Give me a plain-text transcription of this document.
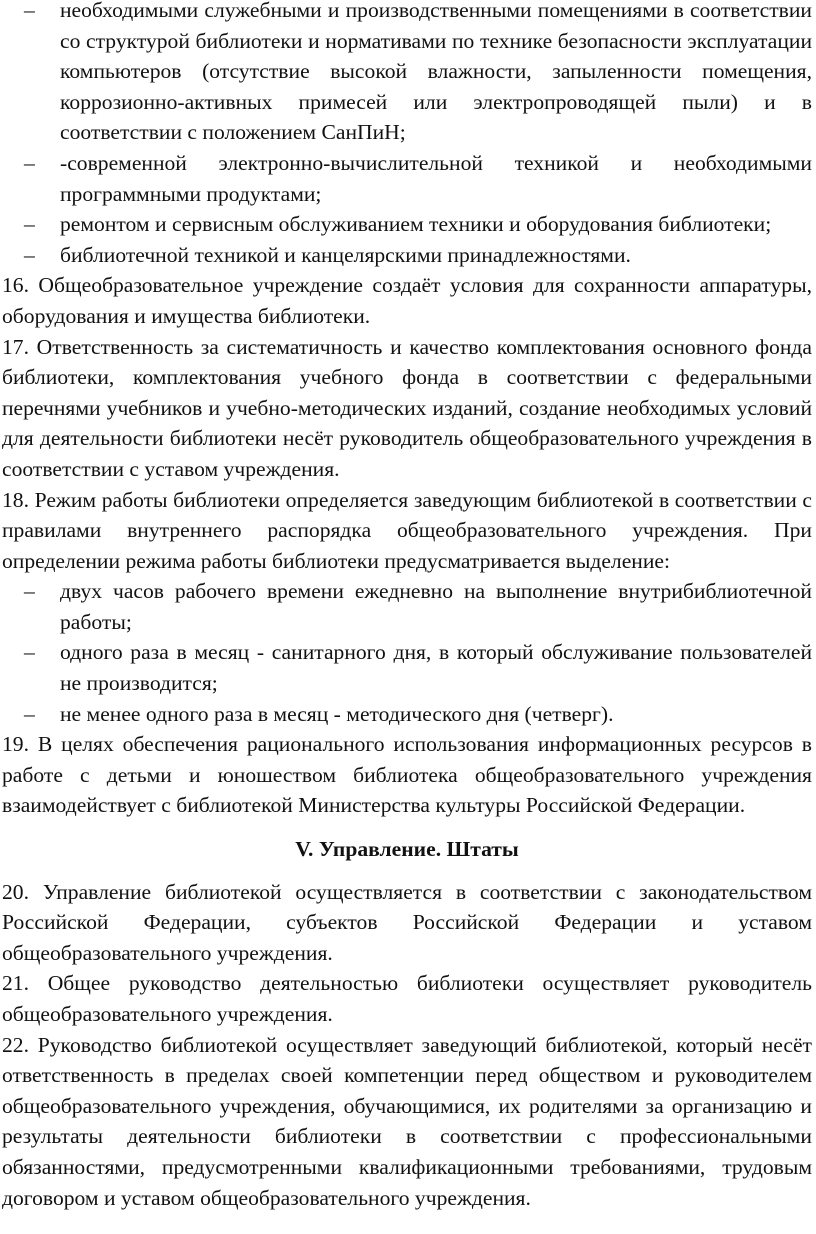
– необходимыми служебными и производственными помещениями в соответствии со структурой библиотеки и нормативами по технике безопасности эксплуатации компьютеров (отсутствие высокой влажности, запыленности помещения, коррозионно-активных примесей или электропроводящей пыли) и в соответствии с положением СанПиН;

– -современной электронно-вычислительной техникой и необходимыми программными продуктами;

– ремонтом и сервисным обслуживанием техники и оборудования библиотеки;

– библиотечной техникой и канцелярскими принадлежностями.

16. Общеобразовательное учреждение создаёт условия для сохранности аппаратуры, оборудования и имущества библиотеки.

17. Ответственность за систематичность и качество комплектования основного фонда библиотеки, комплектования учебного фонда в соответствии с федеральными перечнями учебников и учебно-методических изданий, создание необходимых условий для деятельности библиотеки несёт руководитель общеобразовательного учреждения в соответствии с уставом учреждения.

18. Режим работы библиотеки определяется заведующим библиотекой в соответствии с правилами внутреннего распорядка общеобразовательного учреждения. При определении режима работы библиотеки предусматривается выделение:

– двух часов рабочего времени ежедневно на выполнение внутрибиблиотечной работы;

– одного раза в месяц - санитарного дня, в который обслуживание пользователей не производится;

– не менее одного раза в месяц - методического дня (четверг).

19. В целях обеспечения рационального использования информационных ресурсов в работе с детьми и юношеством библиотека общеобразовательного учреждения взаимодействует с библиотекой Министерства культуры Российской Федерации.

V. Управление. Штаты

20. Управление библиотекой осуществляется в соответствии с законодательством Российской Федерации, субъектов Российской Федерации и уставом общеобразовательного учреждения.

21. Общее руководство деятельностью библиотеки осуществляет руководитель общеобразовательного учреждения.

22. Руководство библиотекой осуществляет заведующий библиотекой, который несёт ответственность в пределах своей компетенции перед обществом и руководителем общеобразовательного учреждения, обучающимися, их родителями за организацию и результаты деятельности библиотеки в соответствии с профессиональными обязанностями, предусмотренными квалификационными требованиями, трудовым договором и уставом общеобразовательного учреждения.
